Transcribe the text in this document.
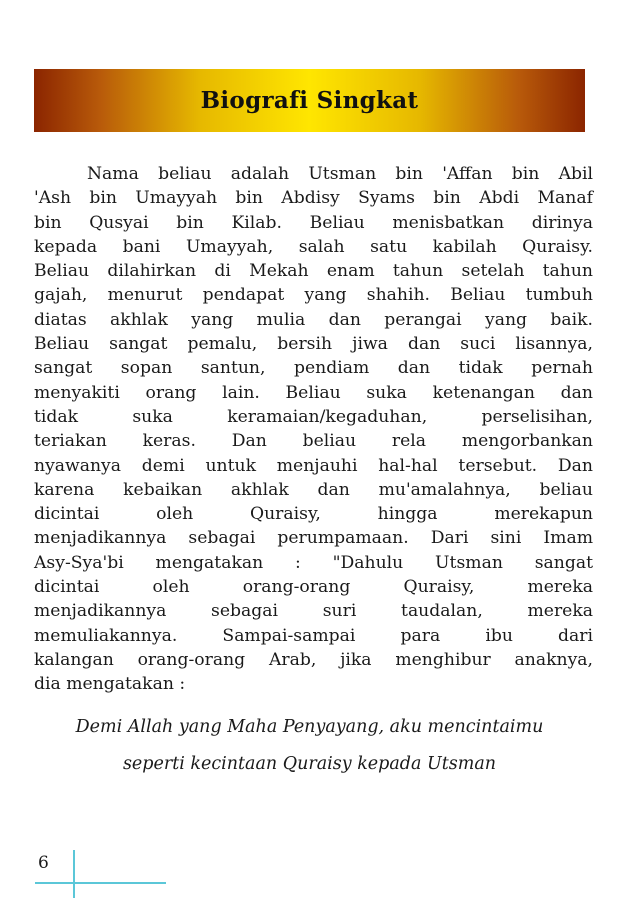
Biografi Singkat

Nama beliau adalah Utsman bin 'Affan bin Abil
'Ash bin Umayyah bin Abdisy Syams bin Abdi Manaf
bin Qusyai bin Kilab. Beliau menisbatkan dirinya
kepada bani Umayyah, salah satu kabilah Quraisy.
Beliau dilahirkan di Mekah enam tahun setelah tahun
gajah, menurut pendapat yang shahih. Beliau tumbuh
diatas akhlak yang mulia dan perangai yang baik.
Beliau sangat pemalu, bersih jiwa dan suci lisannya,
sangat sopan santun, pendiam dan tidak pernah
menyakiti orang lain. Beliau suka ketenangan dan
tidak suka keramaian/kegaduhan, perselisihan,
teriakan keras. Dan beliau rela mengorbankan
nyawanya demi untuk menjauhi hal-hal tersebut. Dan
karena kebaikan akhlak dan mu'amalahnya, beliau
dicintai oleh Quraisy, hingga merekapun
menjadikannya sebagai perumpamaan. Dari sini Imam
Asy-Sya'bi mengatakan : "Dahulu Utsman sangat
dicintai oleh orang-orang Quraisy, mereka
menjadikannya sebagai suri taudalan, mereka
memuliakannya. Sampai-sampai para ibu dari
kalangan orang-orang Arab, jika menghibur anaknya,
dia mengatakan :

Demi Allah yang Maha Penyayang, aku mencintaimu
seperti kecintaan Quraisy kepada Utsman
6
